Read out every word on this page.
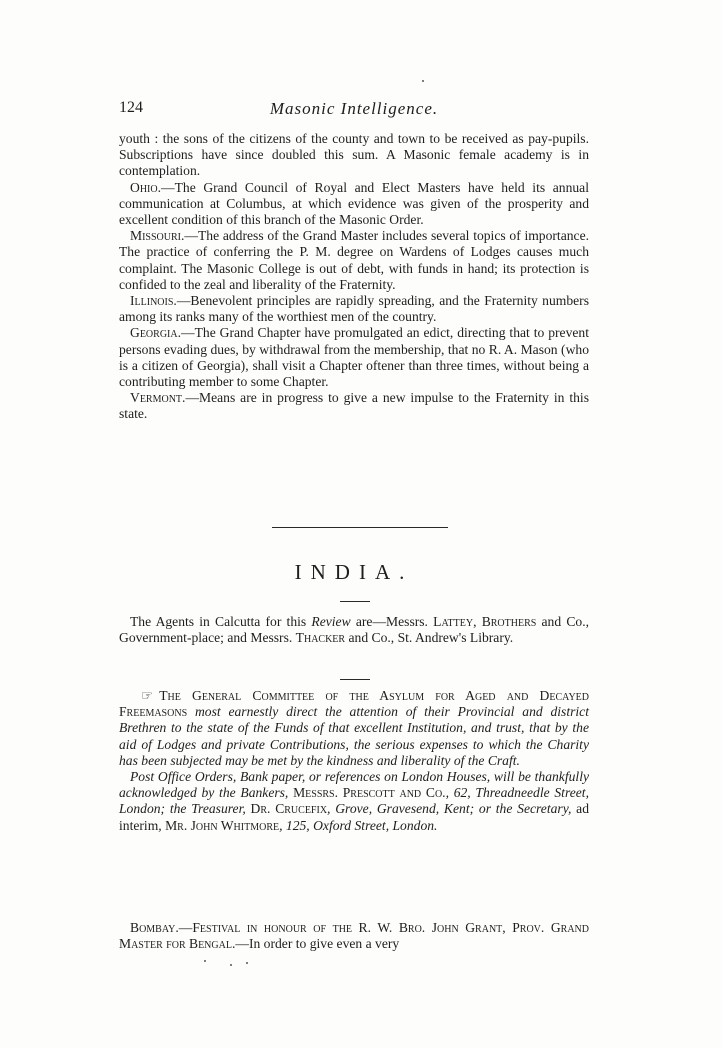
124	Masonic Intelligence.

youth : the sons of the citizens of the county and town to be received as pay-pupils. Subscriptions have since doubled this sum. A Masonic female academy is in contemplation.

Ohio.—The Grand Council of Royal and Elect Masters have held its annual communication at Columbus, at which evidence was given of the prosperity and excellent condition of this branch of the Masonic Order.

Missouri.—The address of the Grand Master includes several topics of importance. The practice of conferring the P. M. degree on Wardens of Lodges causes much complaint. The Masonic College is out of debt, with funds in hand; its protection is confided to the zeal and liberality of the Fraternity.

Illinois.—Benevolent principles are rapidly spreading, and the Fraternity numbers among its ranks many of the worthiest men of the country.

Georgia.—The Grand Chapter have promulgated an edict, directing that to prevent persons evading dues, by withdrawal from the membership, that no R. A. Mason (who is a citizen of Georgia), shall visit a Chapter oftener than three times, without being a contributing member to some Chapter.

Vermont.—Means are in progress to give a new impulse to the Fraternity in this state.

INDIA.

The Agents in Calcutta for this Review are—Messrs. Lattey, Brothers and Co., Government-place; and Messrs. Thacker and Co., St. Andrew's Library.

☞ The General Committee of the Asylum for Aged and Decayed Freemasons most earnestly direct the attention of their Provincial and district Brethren to the state of the Funds of that excellent Institution, and trust, that by the aid of Lodges and private Contributions, the serious expenses to which the Charity has been subjected may be met by the kindness and liberality of the Craft.

Post Office Orders, Bank paper, or references on London Houses, will be thankfully acknowledged by the Bankers, Messrs. Prescott and Co., 62, Threadneedle Street, London; the Treasurer, Dr. Crucefix, Grove, Gravesend, Kent; or the Secretary, ad interim, Mr. John Whitmore, 125, Oxford Street, London.

Bombay.—Festival in honour of the R. W. Bro. John Grant, Prov. Grand Master for Bengal.—In order to give even a very
